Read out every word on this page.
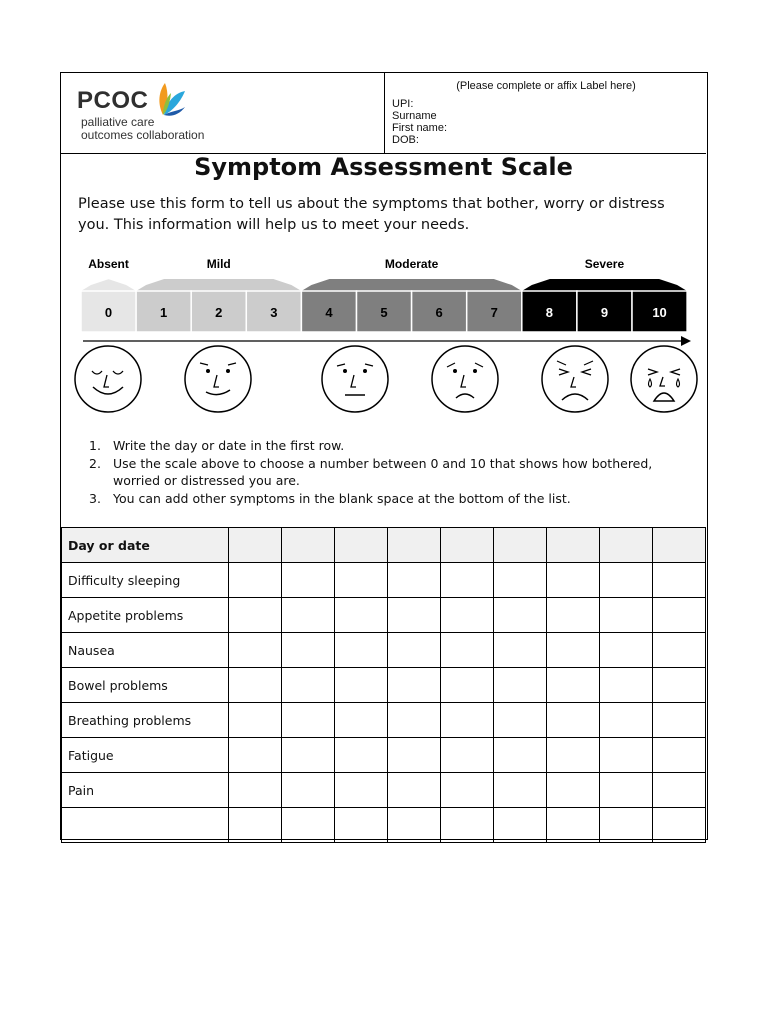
PCOC
palliative care
outcomes collaboration
(Please complete or affix Label here)
UPI:
Surname
First name:
DOB:
Symptom Assessment Scale
Please use this form to tell us about the symptoms that bother, worry or distress you. This information will help us to meet your needs.
Absent	Mild	Moderate	Severe
0	1	2	3	4	5	6	7	8	9	10
1. Write the day or date in the first row.
2. Use the scale above to choose a number between 0 and 10 that shows how bothered, worried or distressed you are.
3. You can add other symptoms in the blank space at the bottom of the list.
Day or date									
Difficulty sleeping									
Appetite problems									
Nausea									
Bowel problems									
Breathing problems									
Fatigue									
Pain									
